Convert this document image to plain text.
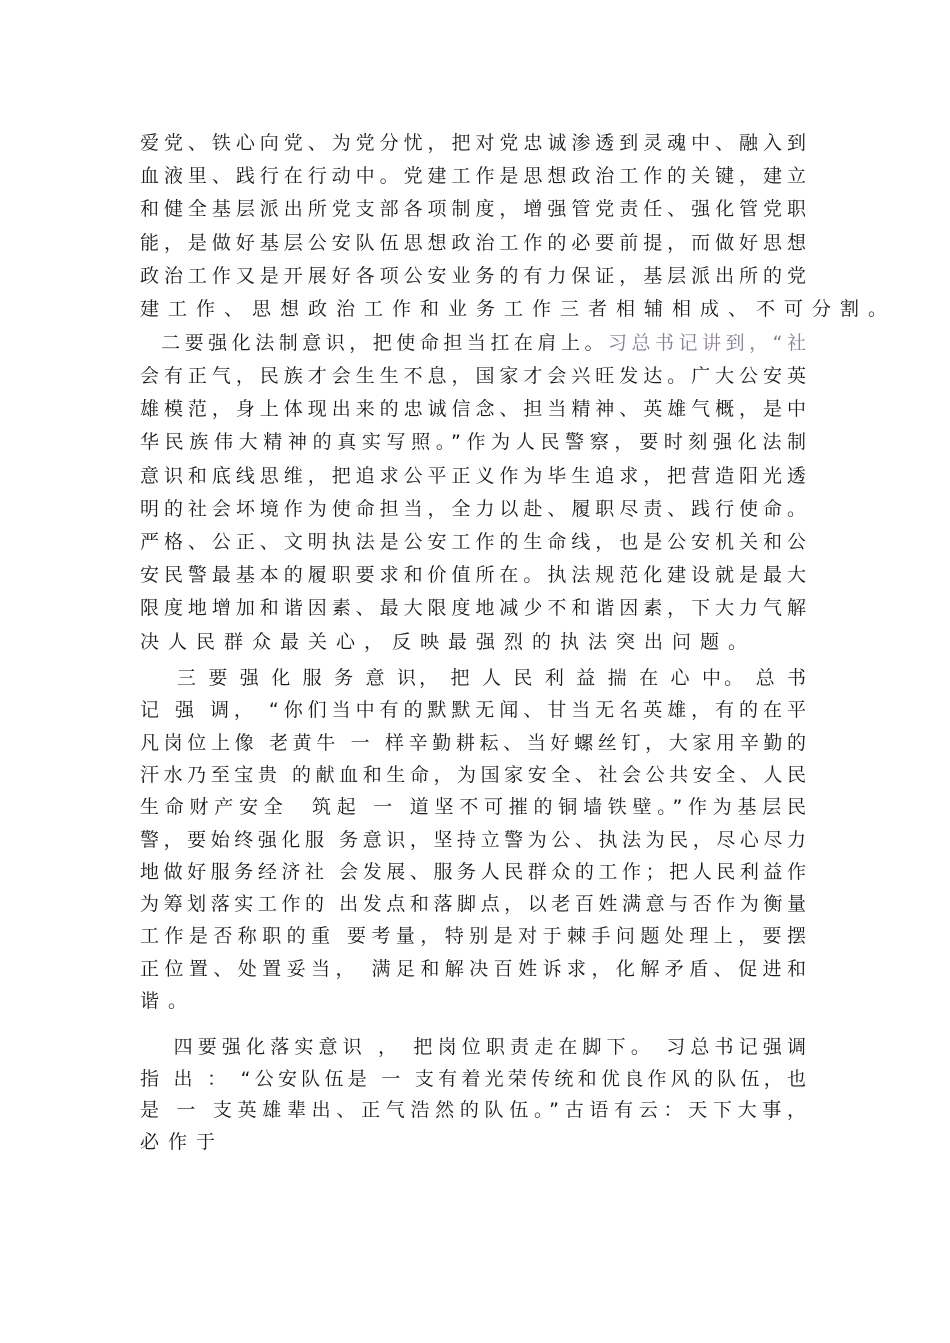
爱党、铁心向党、为党分忧，把对党忠诚渗透到灵魂中、融入到
血液里、践行在行动中。党建工作是思想政治工作的关键，建立
和健全基层派出所党支部各项制度，增强管党责任、强化管党职
能，是做好基层公安队伍思想政治工作的必要前提，而做好思想
政治工作又是开展好各项公安业务的有力保证，基层派出所的党
建工作、思想政治工作和业务工作三者相辅相成、不可分割。
二要强化法制意识，把使命担当扛在肩上。习总书记讲到，“社
会有正气，民族才会生生不息，国家才会兴旺发达。广大公安英
雄模范，身上体现出来的忠诚信念、担当精神、英雄气概，是中
华民族伟大精神的真实写照。”作为人民警察，要时刻强化法制
意识和底线思维，把追求公平正义作为毕生追求，把营造阳光透
明的社会坏境作为使命担当，全力以赴、履职尽责、践行使命。
严格、公正、文明执法是公安工作的生命线，也是公安机关和公
安民警最基本的履职要求和价值所在。执法规范化建设就是最大
限度地增加和谐因素、最大限度地减少不和谐因素，下大力气解
决人民群众最关心，反映最强烈的执法突出问题。
三 要 强 化 服 务 意 识， 把 人 民 利 益 揣 在 心 中。 总 书
记 强 调， “你们当中有的默默无闻、甘当无名英雄，有的在平
凡岗位上像 老黄牛 一 样辛勤耕耘、当好螺丝钉，大家用辛勤的
汗水乃至宝贵 的献血和生命，为国家安全、社会公共安全、人民
生命财产安全  筑起 一 道坚不可摧的铜墙铁壁。”作为基层民
警，要始终强化服 务意识，坚持立警为公、执法为民，尽心尽力
地做好服务经济社 会发展、服务人民群众的工作；把人民利益作
为筹划落实工作的 出发点和落脚点，以老百姓满意与否作为衡量
工作是否称职的重 要考量，特别是对于棘手问题处理上，要摆
正位置、处置妥当， 满足和解决百姓诉求，化解矛盾、促进和
谐。
四要强化落实意识 ， 把岗位职责走在脚下。 习总书记强调
指 出 ： “公安队伍是 一 支有着光荣传统和优良作风的队伍，也
是 一 支英雄辈出、正气浩然的队伍。”古语有云：天下大事，
必作于
